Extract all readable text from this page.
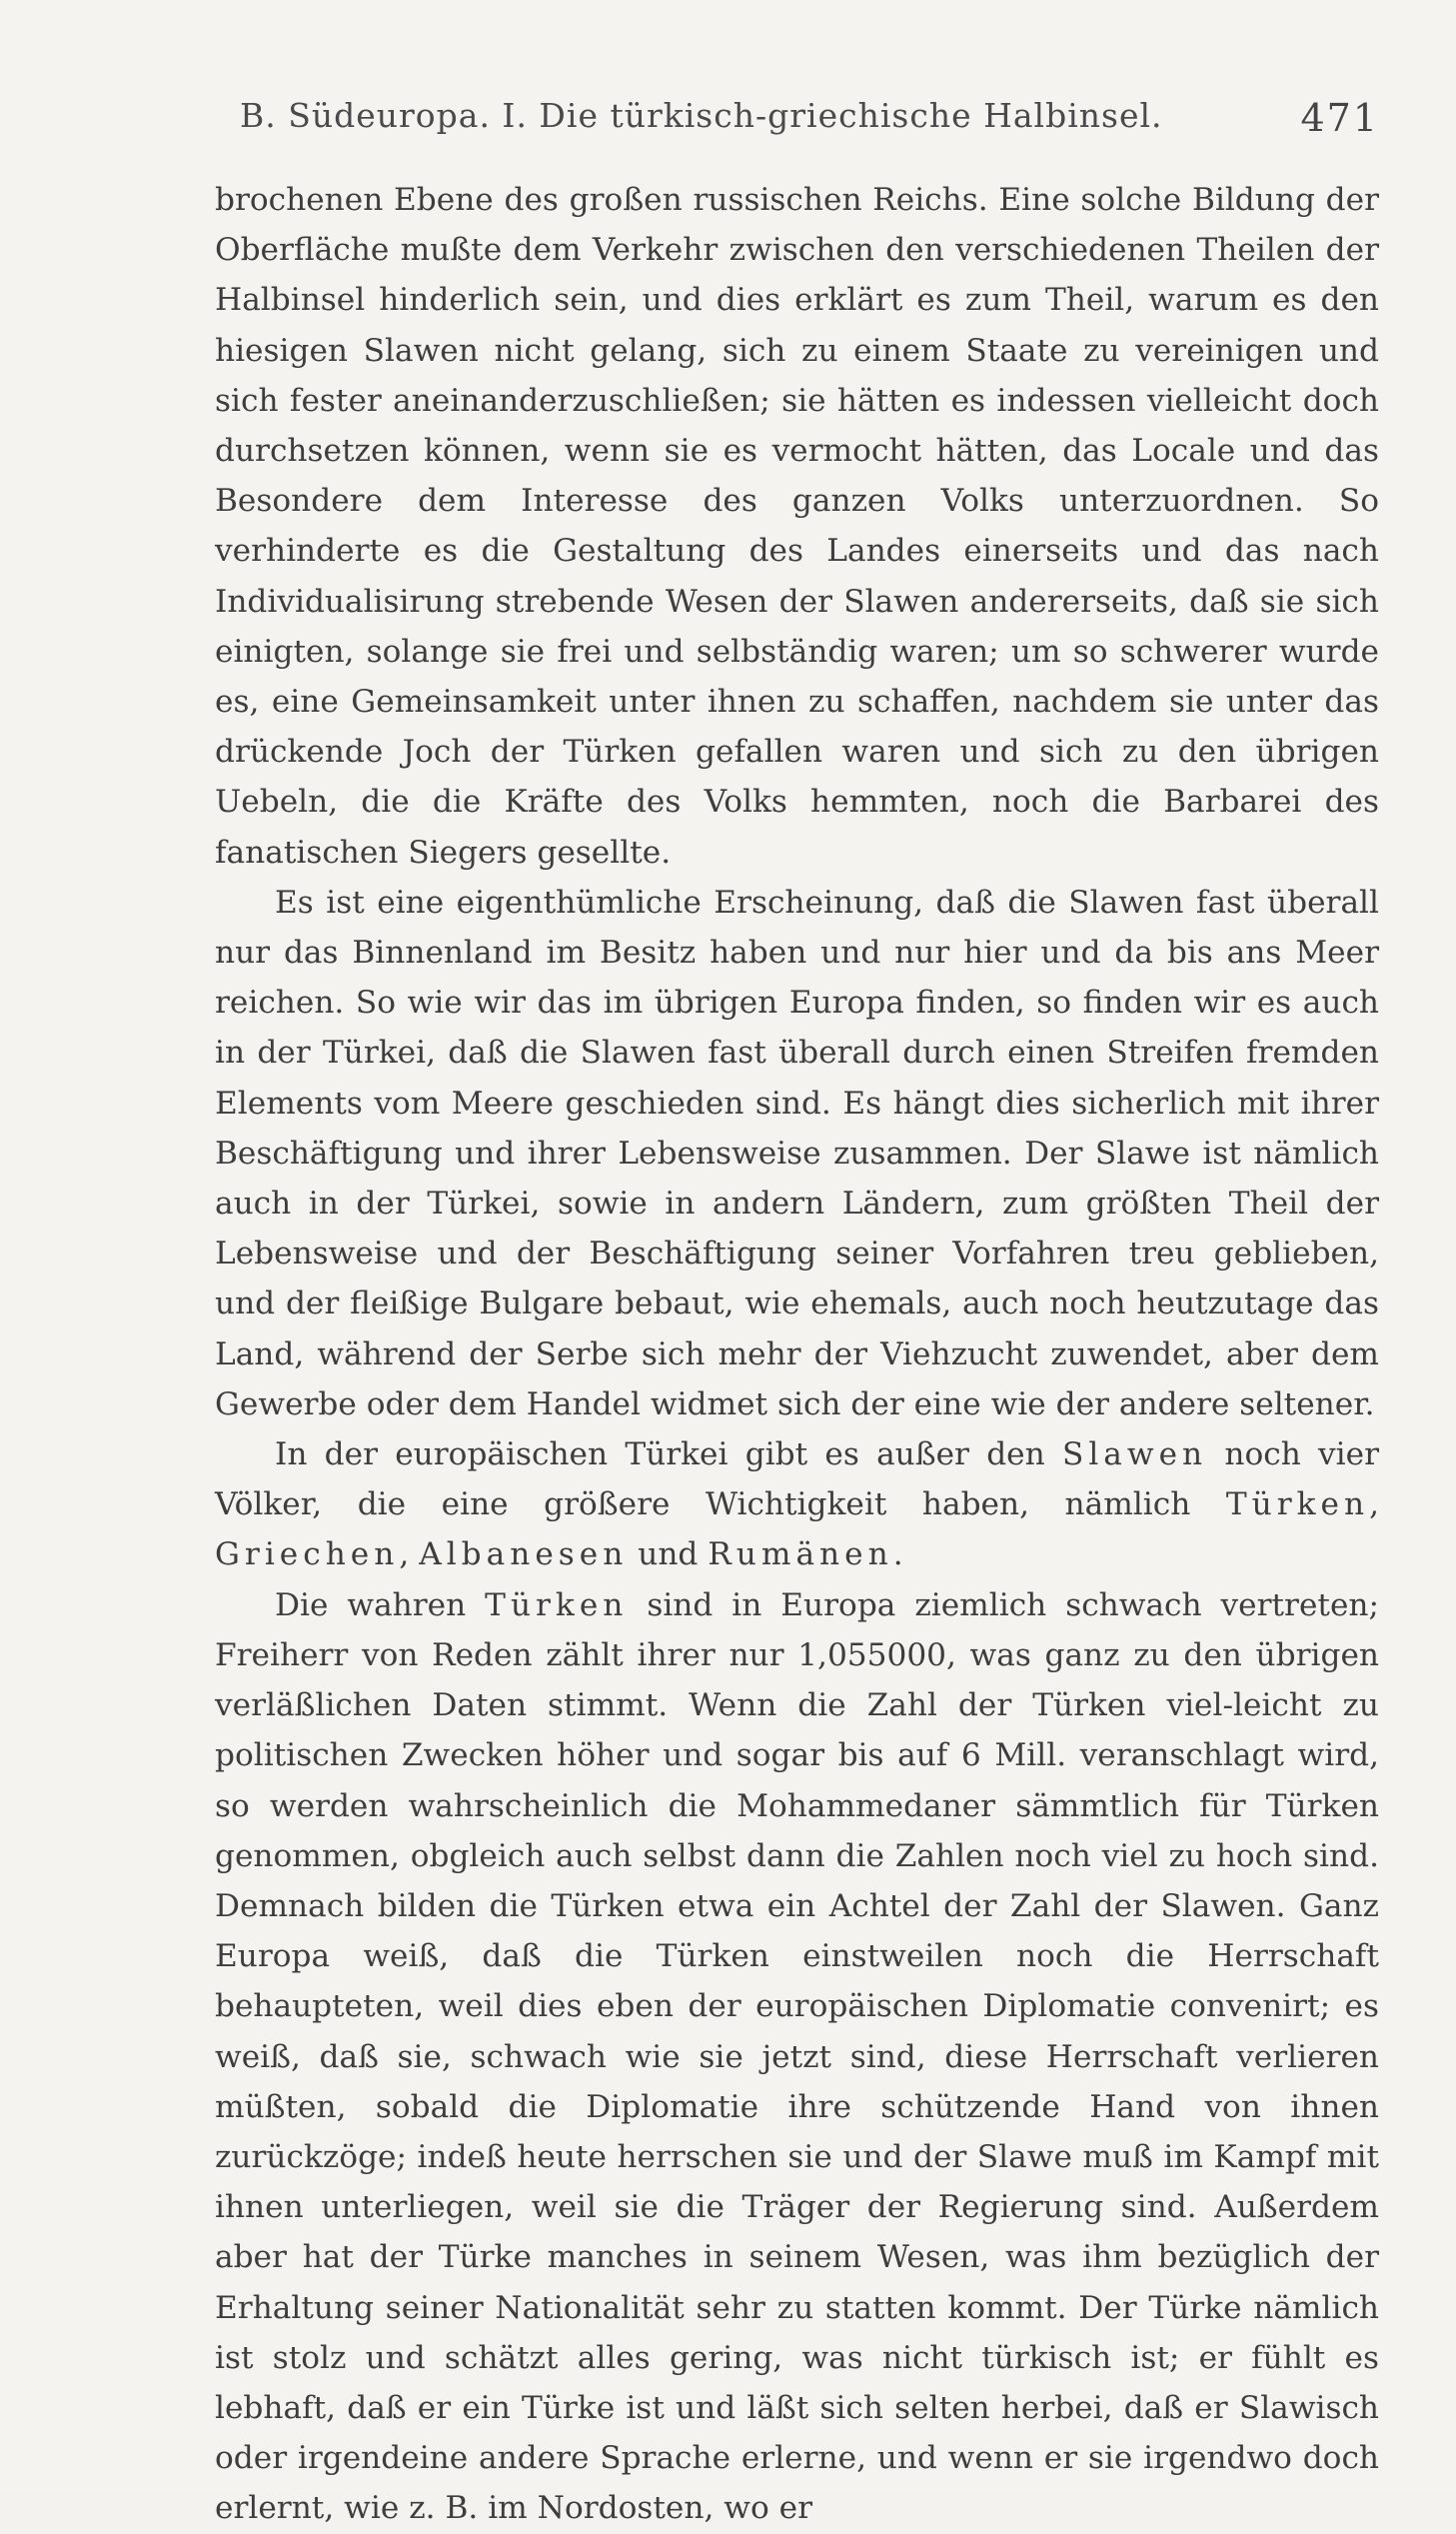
B. Südeuropa. I. Die türkisch-griechische Halbinsel.	471

brochenen Ebene des großen russischen Reichs. Eine solche Bildung der Oberfläche mußte dem Verkehr zwischen den verschiedenen Theilen der Halbinsel hinderlich sein, und dies erklärt es zum Theil, warum es den hiesigen Slawen nicht gelang, sich zu einem Staate zu vereinigen und sich fester aneinanderzuschließen; sie hätten es indessen vielleicht doch durchsetzen können, wenn sie es vermocht hätten, das Locale und das Besondere dem Interesse des ganzen Volks unterzuordnen. So verhinderte es die Gestaltung des Landes einerseits und das nach Individualisirung strebende Wesen der Slawen andererseits, daß sie sich einigten, solange sie frei und selbständig waren; um so schwerer wurde es, eine Gemeinsamkeit unter ihnen zu schaffen, nachdem sie unter das drückende Joch der Türken gefallen waren und sich zu den übrigen Uebeln, die die Kräfte des Volks hemmten, noch die Barbarei des fanatischen Siegers gesellte.

Es ist eine eigenthümliche Erscheinung, daß die Slawen fast überall nur das Binnenland im Besitz haben und nur hier und da bis ans Meer reichen. So wie wir das im übrigen Europa finden, so finden wir es auch in der Türkei, daß die Slawen fast überall durch einen Streifen fremden Elements vom Meere geschieden sind. Es hängt dies sicherlich mit ihrer Beschäftigung und ihrer Lebensweise zusammen. Der Slawe ist nämlich auch in der Türkei, sowie in andern Ländern, zum größten Theil der Lebensweise und der Beschäftigung seiner Vorfahren treu geblieben, und der fleißige Bulgare bebaut, wie ehemals, auch noch heutzutage das Land, während der Serbe sich mehr der Viehzucht zuwendet, aber dem Gewerbe oder dem Handel widmet sich der eine wie der andere seltener.

In der europäischen Türkei gibt es außer den Slawen noch vier Völker, die eine größere Wichtigkeit haben, nämlich Türken, Griechen, Albanesen und Rumänen.

Die wahren Türken sind in Europa ziemlich schwach vertreten; Freiherr von Reden zählt ihrer nur 1,055000, was ganz zu den übrigen verläßlichen Daten stimmt. Wenn die Zahl der Türken viel-leicht zu politischen Zwecken höher und sogar bis auf 6 Mill. veranschlagt wird, so werden wahrscheinlich die Mohammedaner sämmtlich für Türken genommen, obgleich auch selbst dann die Zahlen noch viel zu hoch sind. Demnach bilden die Türken etwa ein Achtel der Zahl der Slawen. Ganz Europa weiß, daß die Türken einstweilen noch die Herrschaft behaupteten, weil dies eben der europäischen Diplomatie convenirt; es weiß, daß sie, schwach wie sie jetzt sind, diese Herrschaft verlieren müßten, sobald die Diplomatie ihre schützende Hand von ihnen zurückzöge; indeß heute herrschen sie und der Slawe muß im Kampf mit ihnen unterliegen, weil sie die Träger der Regierung sind. Außerdem aber hat der Türke manches in seinem Wesen, was ihm bezüglich der Erhaltung seiner Nationalität sehr zu statten kommt. Der Türke nämlich ist stolz und schätzt alles gering, was nicht türkisch ist; er fühlt es lebhaft, daß er ein Türke ist und läßt sich selten herbei, daß er Slawisch oder irgendeine andere Sprache erlerne, und wenn er sie irgendwo doch erlernt, wie z. B. im Nordosten, wo er
